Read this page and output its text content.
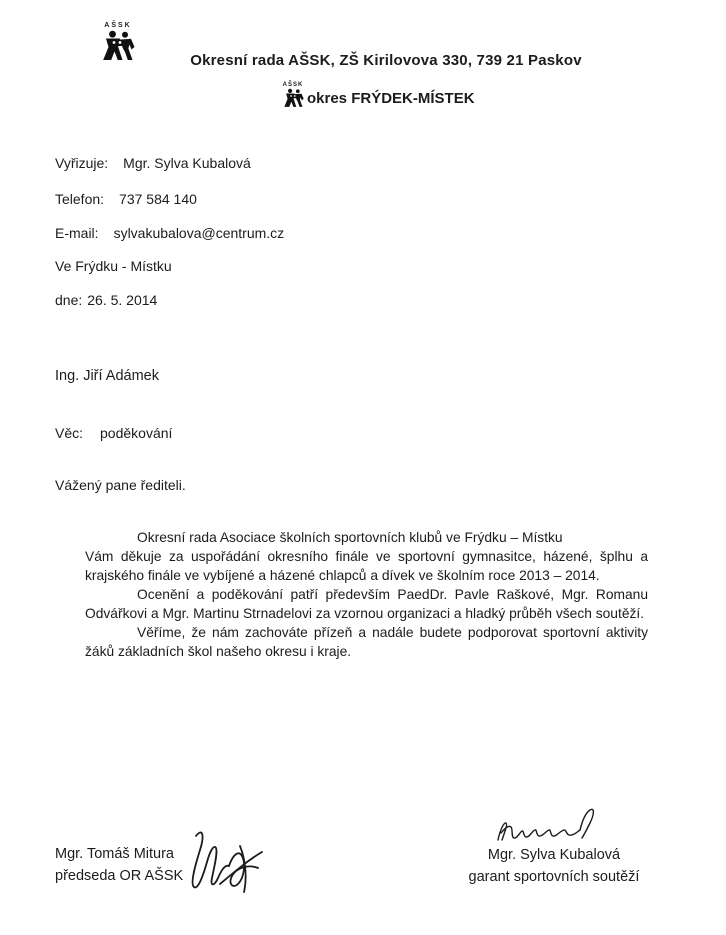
AŠSK
Okresní rada AŠSK, ZŠ Kirilovova 330, 739 21 Paskov
AŠSK
okres FRÝDEK-MÍSTEK
Vyřizuje: Mgr. Sylva Kubalová
Telefon: 737 584 140
E-mail: sylvakubalova@centrum.cz
Ve Frýdku - Místku
dne: 26. 5. 2014
Ing. Jiří Adámek
Věc: poděkování
Vážený pane řediteli.
Okresní rada Asociace školních sportovních klubů ve Frýdku – Místku

Vám děkuje za uspořádání okresního finále ve sportovní gymnasitce, házené, šplhu a krajského finále ve vybíjené a házené chlapců a dívek ve školním roce 2013 – 2014.

Ocenění a poděkování patří především PaedDr. Pavle Raškové, Mgr. Romanu Odvářkovi a Mgr. Martinu Strnadelovi za vzornou organizaci a hladký průběh všech soutěží.

Věříme, že nám zachováte přízeň a nadále budete podporovat sportovní aktivity žáků základních škol našeho okresu i kraje.

Mgr. Tomáš Mitura
předseda OR AŠSK
Mgr. Sylva Kubalová
garant sportovních soutěží
